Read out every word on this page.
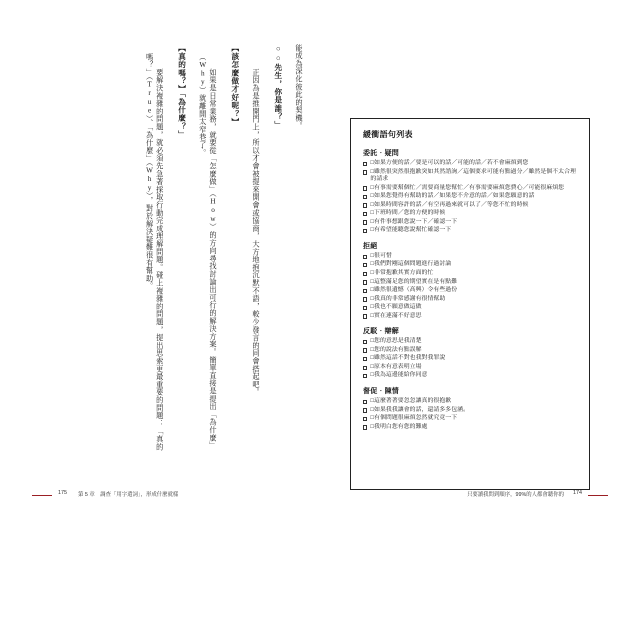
能成為深化彼此的契機。
○○先生，你是誰？」
　　正因為是推開門上，所以才會被提來開會或協商，大方地抱沉默不語，較少發言的同會搭起吧。
【該怎麼做才好呢？】
　　如果是日常業務，就要從「怎麼做」（How）的方向尋找討論出可行的解決方案。簡單直接是提出「為什麼」（Why）就離開太窄巷了。
【真的嗎？】「為什麼？」
　　要解決複雜的問題，就必須先急著採取行動完成理解問題。碰上複雜的問題，提出思索更最重要的問題：「真的嗎？」（True）、「為什麼」（Why），對於解決疑難很有幫助。
175 第 5 章　調查「用字遣詞」，形成什麼就樣
緩衝語句列表
委託‧疑問
□如果方便的話／要是可以的話／可能的話／若不會麻煩到您
□雖然很突然很抱歉突如其然諮詢／這個要求可能有點過分／雖然是個不太合理的請求
□有事需要幫個忙／需要商量您幫忙／有事需要麻煩您費心／可能很麻煩您
□如果您覺得有幫助的話／如果您不介意的話／如果您願意的話
□如果時間容許的話／有空再過來就可以了／等您不忙的時候
□下班時間／您的方便的時候
□有件事想跟您說一下／確認一下
□有希望能聽您說幫忙確認一下
拒絕
□很可惜
□我們對剛這個問題進行過討論
□非常抱歉其實方面的忙
□這整滿足您的期望實在是有點難
□雖然很遺憾（高興）令有些過份
□我真的非常感謝有很情幫助
□我也不願意做這做
□實在連滿不好意思
反駁‧辯解
□您的意思是我清楚
□您的說法有點誤解
□雖然這話不對也我對我罪說
□原本有意表明立場
□我為這邊能給你同意
督促‧陳情
□這麼著著要忽忽讓真的很抱歉
□如果我我讓會的話，還請多多包涵。
□有個問題很麻煩忽然就究竟一下
□我明白您有您的難處
174
只要讀我問到順序，99%的人都會聽你的
